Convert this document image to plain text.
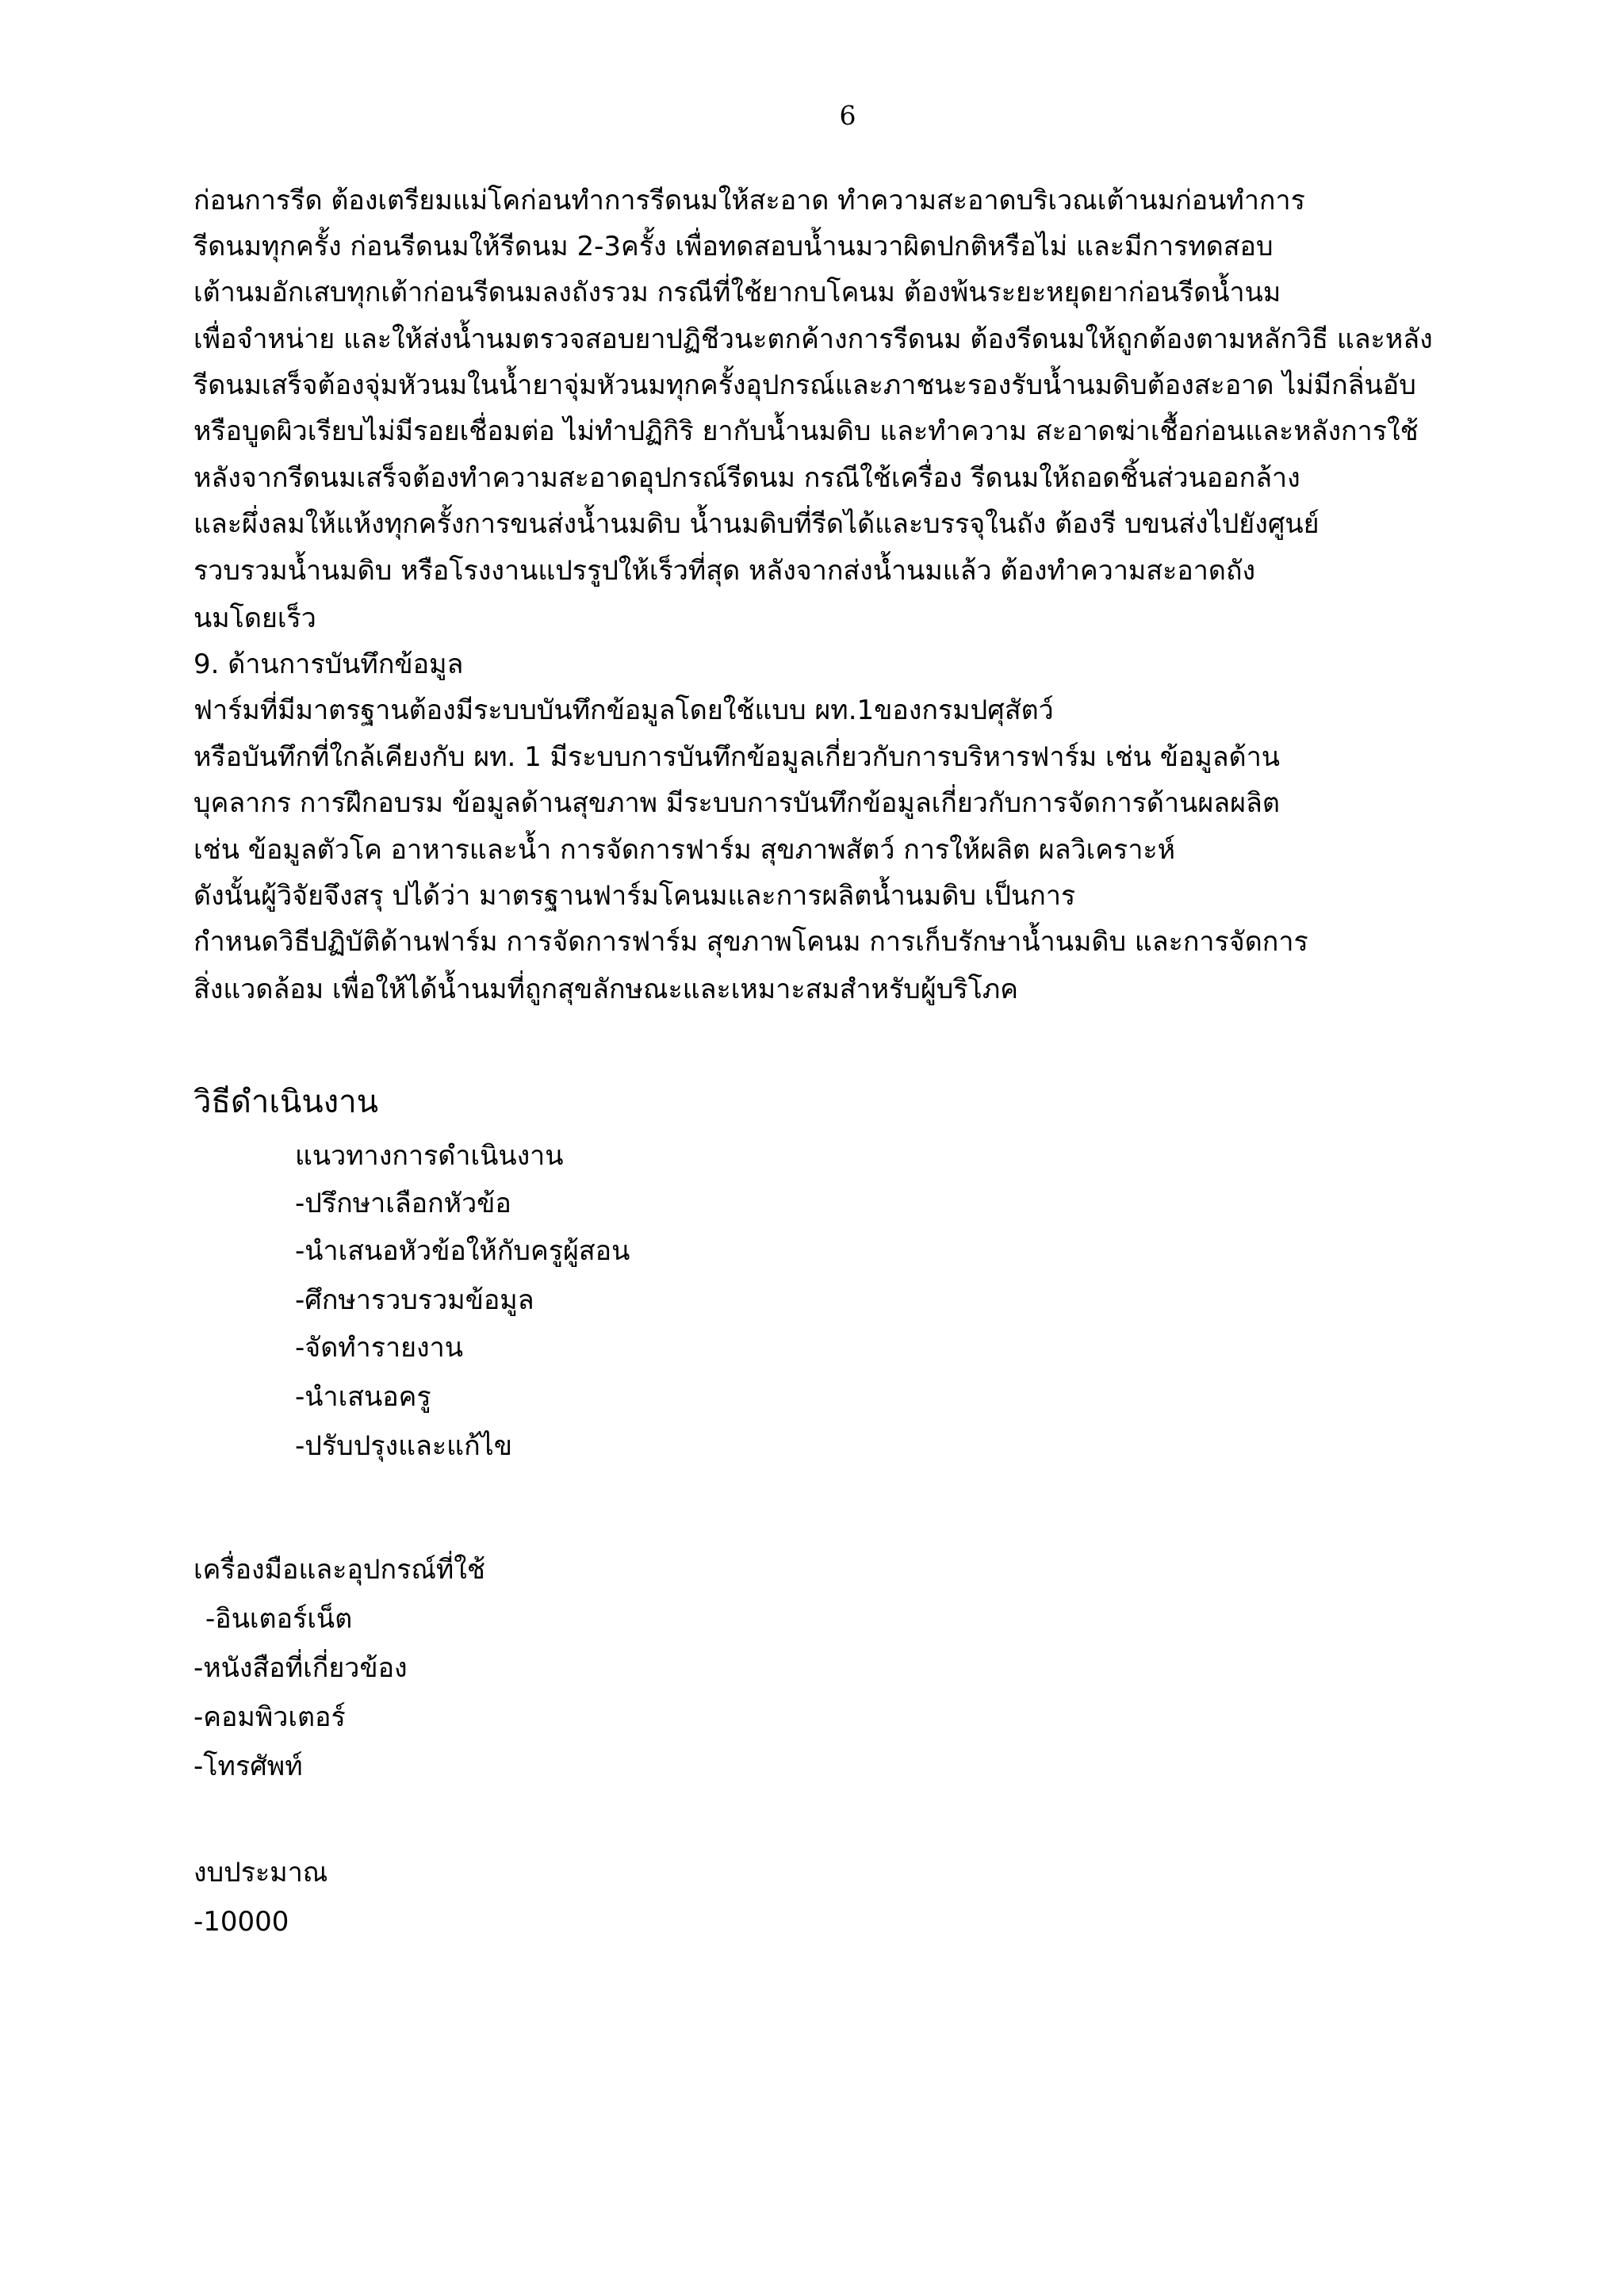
6
ก่อนการรีด ต้องเตรียมแม่โคก่อนทำการรีดนมให้สะอาด ทำความสะอาดบริเวณเต้านมก่อนทำการ
รีดนมทุกครั้ง ก่อนรีดนมให้รีดนม 2-3ครั้ง เพื่อทดสอบน้ำนมวาผิดปกติหรือไม่ และมีการทดสอบ
เต้านมอักเสบทุกเต้าก่อนรีดนมลงถังรวม กรณีที่ใช้ยากบโคนม ต้องพ้นระยะหยุดยาก่อนรีดน้ำนม
เพื่อจำหน่าย และให้ส่งน้ำนมตรวจสอบยาปฏิชีวนะตกค้างการรีดนม ต้องรีดนมให้ถูกต้องตามหลักวิธี และหลัง
รีดนมเสร็จต้องจุ่มหัวนมในน้ำยาจุ่มหัวนมทุกครั้งอุปกรณ์และภาชนะรองรับน้ำนมดิบต้องสะอาด ไม่มีกลิ่นอับ
หรือบูดผิวเรียบไม่มีรอยเชื่อมต่อ ไม่ทำปฏิกิริ ยากับน้ำนมดิบ และทำความ สะอาดฆ่าเชื้อก่อนและหลังการใช้
หลังจากรีดนมเสร็จต้องทำความสะอาดอุปกรณ์รีดนม กรณีใช้เครื่อง รีดนมให้ถอดชิ้นส่วนออกล้าง
และผึ่งลมให้แห้งทุกครั้งการขนส่งน้ำนมดิบ น้ำนมดิบที่รีดได้และบรรจุในถัง ต้องรี บขนส่งไปยังศูนย์
รวบรวมน้ำนมดิบ หรือโรงงานแปรรูปให้เร็วที่สุด หลังจากส่งน้ำนมแล้ว ต้องทำความสะอาดถัง
นมโดยเร็ว
9. ด้านการบันทึกข้อมูล
ฟาร์มที่มีมาตรฐานต้องมีระบบบันทึกข้อมูลโดยใช้แบบ ผท.1ของกรมปศุสัตว์
หรือบันทึกที่ใกล้เคียงกับ ผท. 1 มีระบบการบันทึกข้อมูลเกี่ยวกับการบริหารฟาร์ม เช่น ข้อมูลด้าน
บุคลากร การฝึกอบรม ข้อมูลด้านสุขภาพ มีระบบการบันทึกข้อมูลเกี่ยวกับการจัดการด้านผลผลิต
เช่น ข้อมูลตัวโค อาหารและน้ำ การจัดการฟาร์ม สุขภาพสัตว์ การให้ผลิต ผลวิเคราะห์
ดังนั้นผู้วิจัยจึงสรุ ปได้ว่า มาตรฐานฟาร์มโคนมและการผลิตน้ำนมดิบ เป็นการ
กำหนดวิธีปฏิบัติด้านฟาร์ม การจัดการฟาร์ม สุขภาพโคนม การเก็บรักษาน้ำนมดิบ และการจัดการ
สิ่งแวดล้อม เพื่อให้ได้น้ำนมที่ถูกสุขลักษณะและเหมาะสมสำหรับผู้บริโภค
วิธีดำเนินงาน
แนวทางการดำเนินงาน
-ปรึกษาเลือกหัวข้อ
-นำเสนอหัวข้อให้กับครูผู้สอน
-ศึกษารวบรวมข้อมูล
-จัดทำรายงาน
-นำเสนอครู
-ปรับปรุงและแก้ไข
เครื่องมือและอุปกรณ์ที่ใช้
-อินเตอร์เน็ต
-หนังสือที่เกี่ยวข้อง
-คอมพิวเตอร์
-โทรศัพท์
งบประมาณ
-10000
